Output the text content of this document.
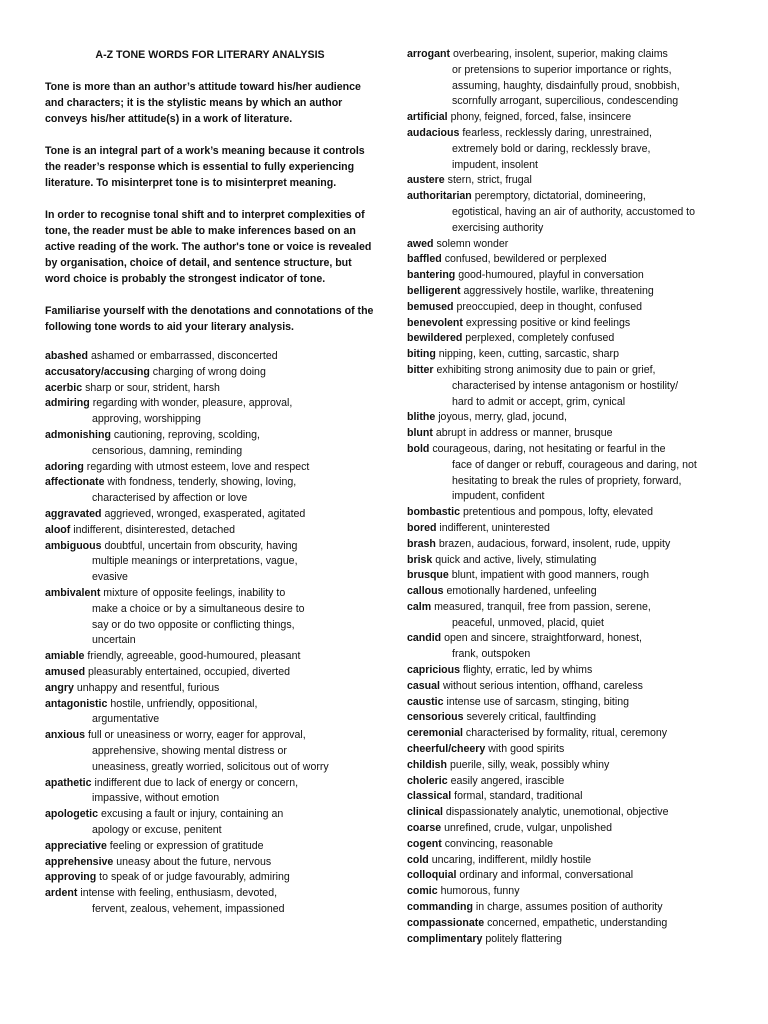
A-Z TONE WORDS FOR LITERARY ANALYSIS
Tone is more than an author’s attitude toward his/her audience and characters; it is the stylistic means by which an author conveys his/her attitude(s) in a work of literature.
Tone is an integral part of a work’s meaning because it controls the reader’s response which is essential to fully experiencing literature. To misinterpret tone is to misinterpret meaning.
In order to recognise tonal shift and to interpret complexities of tone, the reader must be able to make inferences based on an active reading of the work. The author's tone or voice is revealed by organisation, choice of detail, and sentence structure, but word choice is probably the strongest indicator of tone.
Familiarise yourself with the denotations and connotations of the following tone words to aid your literary analysis.
abashed ashamed or embarrassed, disconcerted
accusatory/accusing charging of wrong doing
acerbic sharp or sour, strident, harsh
admiring regarding with wonder, pleasure, approval,
approving, worshipping
admonishing cautioning, reproving, scolding,
censorious, damning, reminding
adoring regarding with utmost esteem, love and respect
affectionate with fondness, tenderly, showing, loving,
characterised by affection or love
aggravated aggrieved, wronged, exasperated, agitated
aloof indifferent, disinterested, detached
ambiguous doubtful, uncertain from obscurity, having
multiple meanings or interpretations, vague,
evasive
ambivalent mixture of opposite feelings, inability to
make a choice or by a simultaneous desire to
say or do two opposite or conflicting things,
uncertain
amiable friendly, agreeable, good-humoured, pleasant
amused pleasurably entertained, occupied, diverted
angry unhappy and resentful, furious
antagonistic hostile, unfriendly, oppositional,
argumentative
anxious full or uneasiness or worry, eager for approval,
apprehensive, showing mental distress or
uneasiness, greatly worried, solicitous out of worry
apathetic indifferent due to lack of energy or concern,
impassive, without emotion
apologetic excusing a fault or injury, containing an
apology or excuse, penitent
appreciative feeling or expression of gratitude
apprehensive uneasy about the future, nervous
approving to speak of or judge favourably, admiring
ardent intense with feeling, enthusiasm, devoted,
fervent, zealous, vehement, impassioned
arrogant overbearing, insolent, superior, making claims
or pretensions to superior importance or rights,
assuming, haughty, disdainfully proud, snobbish,
scornfully arrogant, supercilious, condescending
artificial phony, feigned, forced, false, insincere
audacious fearless, recklessly daring, unrestrained,
extremely bold or daring, recklessly brave,
impudent, insolent
austere stern, strict, frugal
authoritarian peremptory, dictatorial, domineering,
egotistical, having an air of authority, accustomed to
exercising authority
awed solemn wonder
baffled confused, bewildered or perplexed
bantering good-humoured, playful in conversation
belligerent aggressively hostile, warlike, threatening
bemused preoccupied, deep in thought, confused
benevolent expressing positive or kind feelings
bewildered perplexed, completely confused
biting nipping, keen, cutting, sarcastic, sharp
bitter exhibiting strong animosity due to pain or grief,
characterised by intense antagonism or hostility/
hard to admit or accept, grim, cynical
blithe joyous, merry, glad, jocund,
blunt abrupt in address or manner, brusque
bold courageous, daring, not hesitating or fearful in the
face of danger or rebuff, courageous and daring, not
hesitating to break the rules of propriety, forward,
impudent, confident
bombastic pretentious and pompous, lofty, elevated
bored indifferent, uninterested
brash brazen, audacious, forward, insolent, rude, uppity
brisk quick and active, lively, stimulating
brusque blunt, impatient with good manners, rough
callous emotionally hardened, unfeeling
calm measured, tranquil, free from passion, serene,
peaceful, unmoved, placid, quiet
candid open and sincere, straightforward, honest,
frank, outspoken
capricious flighty, erratic, led by whims
casual without serious intention, offhand, careless
caustic intense use of sarcasm, stinging, biting
censorious severely critical, faultfinding
ceremonial characterised by formality, ritual, ceremony
cheerful/cheery with good spirits
childish puerile, silly, weak, possibly whiny
choleric easily angered, irascible
classical formal, standard, traditional
clinical dispassionately analytic, unemotional, objective
coarse unrefined, crude, vulgar, unpolished
cogent convincing, reasonable
cold uncaring, indifferent, mildly hostile
colloquial ordinary and informal, conversational
comic humorous, funny
commanding in charge, assumes position of authority
compassionate concerned, empathetic, understanding
complimentary politely flattering
